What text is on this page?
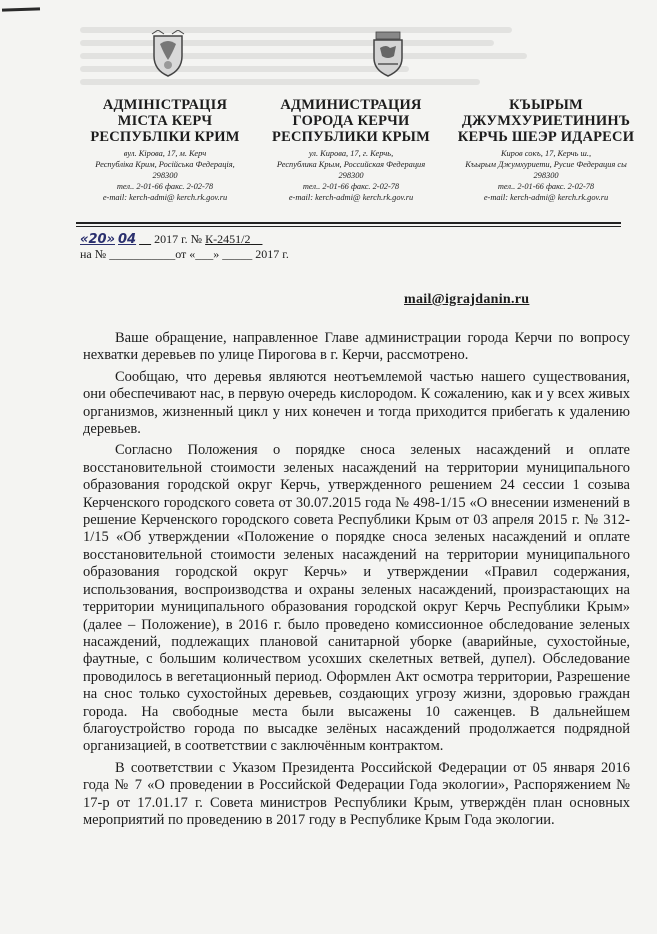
АДМІНІСТРАЦІЯ
МІСТА КЕРЧ
РЕСПУБЛІКИ КРИМ
вул. Кірова, 17, м. Керч
Республіка Крим, Російська Федерація,
298300
тел.. 2-01-66 факс. 2-02-78
e-mail: kerch-admi@ kerch.rk.gov.ru
АДМИНИСТРАЦИЯ
ГОРОДА КЕРЧИ
РЕСПУБЛИКИ КРЫМ
ул. Кирова, 17, г. Керчь,
Республика Крым, Российская Федерация
298300
тел.. 2-01-66 факс. 2-02-78
e-mail: kerch-admi@ kerch.rk.gov.ru
КЪЫРЫМ
ДЖУМХУРИЕТИНИНЪ
КЕРЧЬ ШЕЭР ИДАРЕСИ
Киров сокъ, 17, Керчь ш.,
Къырым Джумхуриети, Русие Федерация сы
298300
тел.. 2-01-66 факс. 2-02-78
e-mail: kerch-admi@ kerch.rk.gov.ru
«20» 04 2017 г. № К-2451/2
на № ___________от «___» _____ 2017 г.
mail@igrajdanin.ru

Ваше обращение, направленное Главе администрации города Керчи по вопросу нехватки деревьев по улице Пирогова в г. Керчи, рассмотрено.

Сообщаю, что деревья являются неотъемлемой частью нашего существования, они обеспечивают нас, в первую очередь кислородом. К сожалению, как и у всех живых организмов, жизненный цикл у них конечен и тогда приходится прибегать к удалению деревьев.

Согласно Положения о порядке сноса зеленых насаждений и оплате восстановительной стоимости зеленых насаждений на территории муниципального образования городской округ Керчь, утвержденного решением 24 сессии 1 созыва Керченского городского совета от 30.07.2015 года № 498-1/15 «О внесении изменений в решение Керченского городского совета Республики Крым от 03 апреля 2015 г. № 312-1/15 «Об утверждении «Положение о порядке сноса зеленых насаждений и оплате восстановительной стоимости зеленых насаждений на территории муниципального образования городской округ Керчь» и утверждении «Правил содержания, использования, воспроизводства и охраны зеленых насаждений, произрастающих на территории муниципального образования городской округ Керчь Республики Крым» (далее – Положение), в 2016 г. было проведено комиссионное обследование зеленых насаждений, подлежащих плановой санитарной уборке (аварийные, сухостойные, фаутные, с большим количеством усохших скелетных ветвей, дупел). Обследование проводилось в вегетационный период. Оформлен Акт осмотра территории, Разрешение на снос только сухостойных деревьев, создающих угрозу жизни, здоровью граждан города. На свободные места были высажены 10 саженцев. В дальнейшем благоустройство города по высадке зелёных насаждений продолжается подрядной организацией, в соответствии с заключённым контрактом.

В соответствии с Указом Президента Российской Федерации от 05 января 2016 года № 7 «О проведении в Российской Федерации Года экологии», Распоряжением № 17-р от 17.01.17 г. Совета министров Республики Крым, утверждён план основных мероприятий по проведению в 2017 году в Республике Крым Года экологии.
